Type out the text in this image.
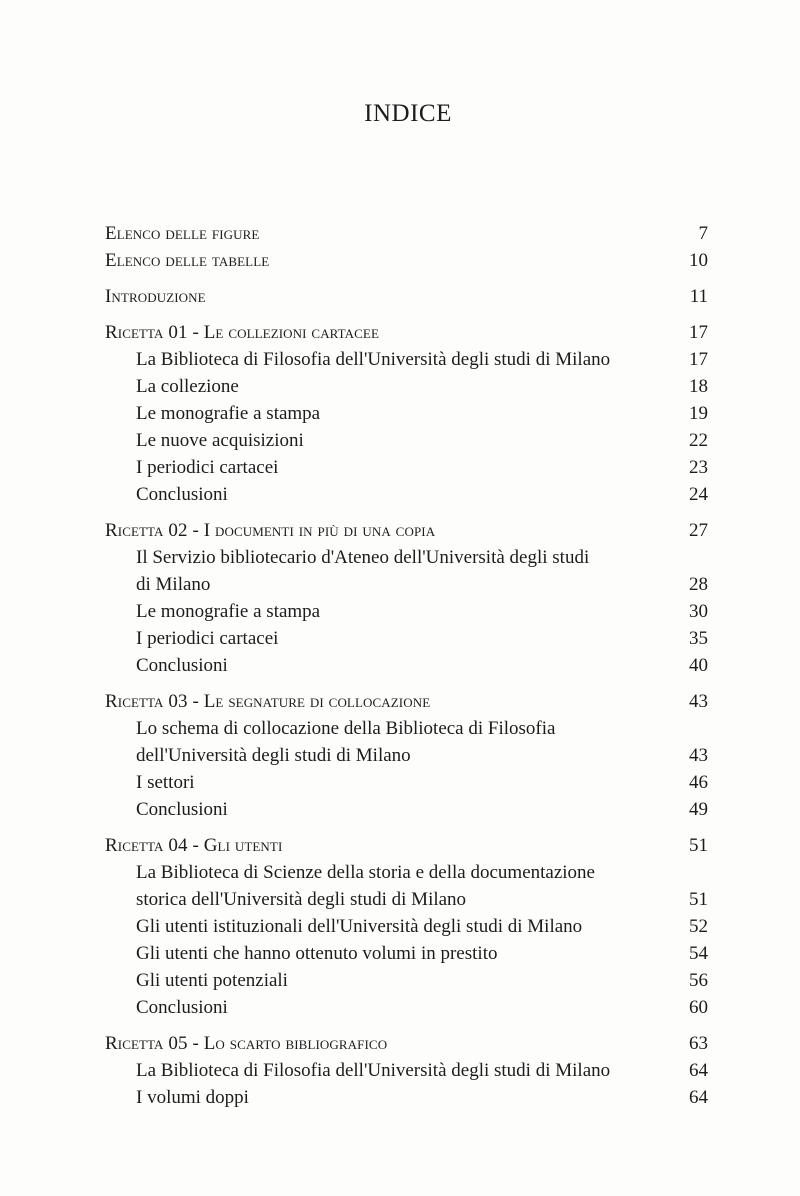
INDICE
Elenco delle figure	7
Elenco delle tabelle	10
Introduzione	11
Ricetta 01 - Le collezioni cartacee	17
La Biblioteca di Filosofia dell'Università degli studi di Milano	17
La collezione	18
Le monografie a stampa	19
Le nuove acquisizioni	22
I periodici cartacei	23
Conclusioni	24
Ricetta 02 - I documenti in più di una copia	27
Il Servizio bibliotecario d'Ateneo dell'Università degli studi
di Milano	28
Le monografie a stampa	30
I periodici cartacei	35
Conclusioni	40
Ricetta 03 - Le segnature di collocazione	43
Lo schema di collocazione della Biblioteca di Filosofia
dell'Università degli studi di Milano	43
I settori	46
Conclusioni	49
Ricetta 04 - Gli utenti	51
La Biblioteca di Scienze della storia e della documentazione
storica dell'Università degli studi di Milano	51
Gli utenti istituzionali dell'Università degli studi di Milano	52
Gli utenti che hanno ottenuto volumi in prestito	54
Gli utenti potenziali	56
Conclusioni	60
Ricetta 05 - Lo scarto bibliografico	63
La Biblioteca di Filosofia dell'Università degli studi di Milano	64
I volumi doppi	64
